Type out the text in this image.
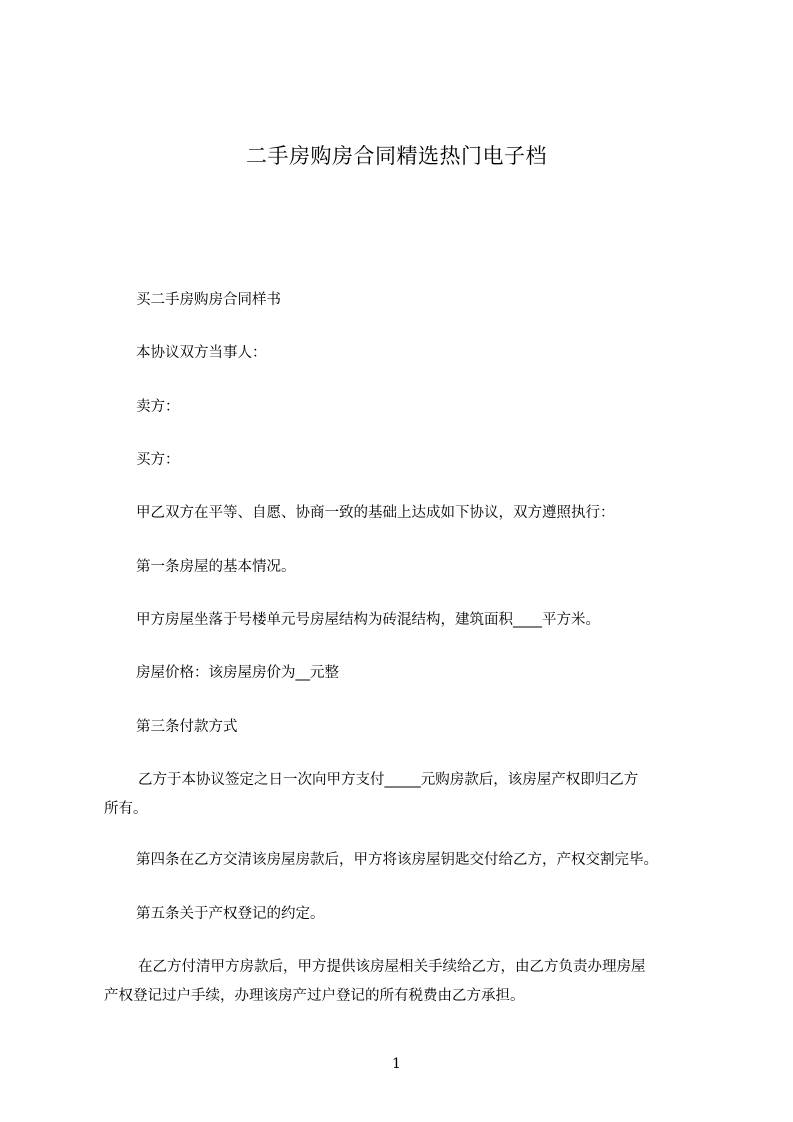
二手房购房合同精选热门电子档
买二手房购房合同样书
本协议双方当事人：
卖方：
买方：
甲乙双方在平等、自愿、协商一致的基础上达成如下协议，双方遵照执行：
第一条房屋的基本情况。
甲方房屋坐落于号楼单元号房屋结构为砖混结构，建筑面积____平方米。
房屋价格：该房屋房价为__元整
第三条付款方式
乙方于本协议签定之日一次向甲方支付_____元购房款后，该房屋产权即归乙方
所有。
第四条在乙方交清该房屋房款后，甲方将该房屋钥匙交付给乙方，产权交割完毕。
第五条关于产权登记的约定。
在乙方付清甲方房款后，甲方提供该房屋相关手续给乙方，由乙方负责办理房屋
产权登记过户手续，办理该房产过户登记的所有税费由乙方承担。
1
